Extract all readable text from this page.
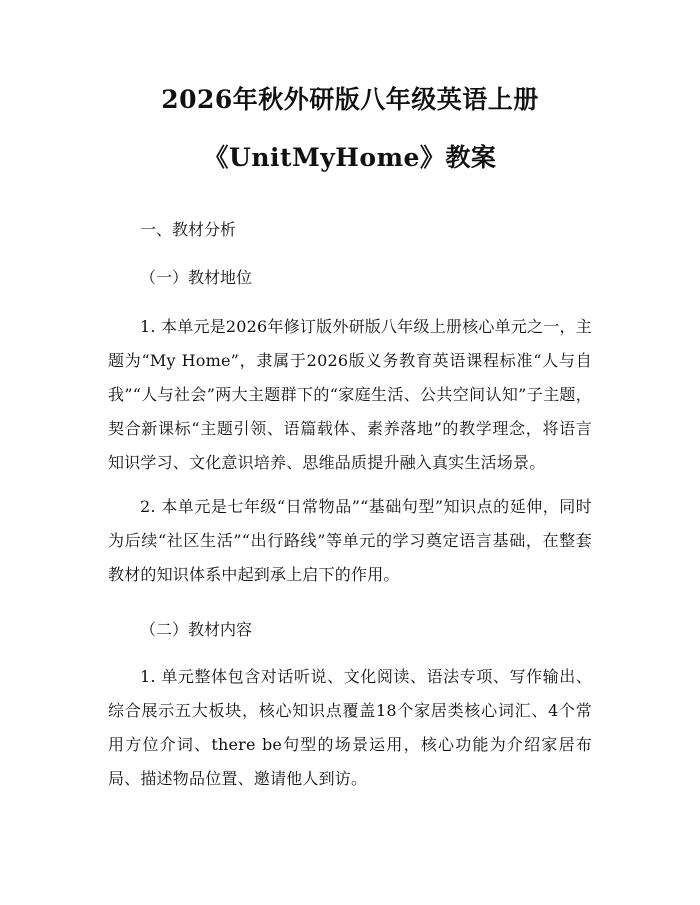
2026年秋外研版八年级英语上册
《UnitMyHome》教案

一、教材分析

（一）教材地位

1. 本单元是2026年修订版外研版八年级上册核心单元之一，主题为“My Home”，隶属于2026版义务教育英语课程标准“人与自我”“人与社会”两大主题群下的“家庭生活、公共空间认知”子主题，契合新课标“主题引领、语篇载体、素养落地”的教学理念，将语言知识学习、文化意识培养、思维品质提升融入真实生活场景。

2. 本单元是七年级“日常物品”“基础句型”知识点的延伸，同时为后续“社区生活”“出行路线”等单元的学习奠定语言基础，在整套教材的知识体系中起到承上启下的作用。

（二）教材内容

1. 单元整体包含对话听说、文化阅读、语法专项、写作输出、综合展示五大板块，核心知识点覆盖18个家居类核心词汇、4个常用方位介词、there be句型的场景运用，核心功能为介绍家居布局、描述物品位置、邀请他人到访。
